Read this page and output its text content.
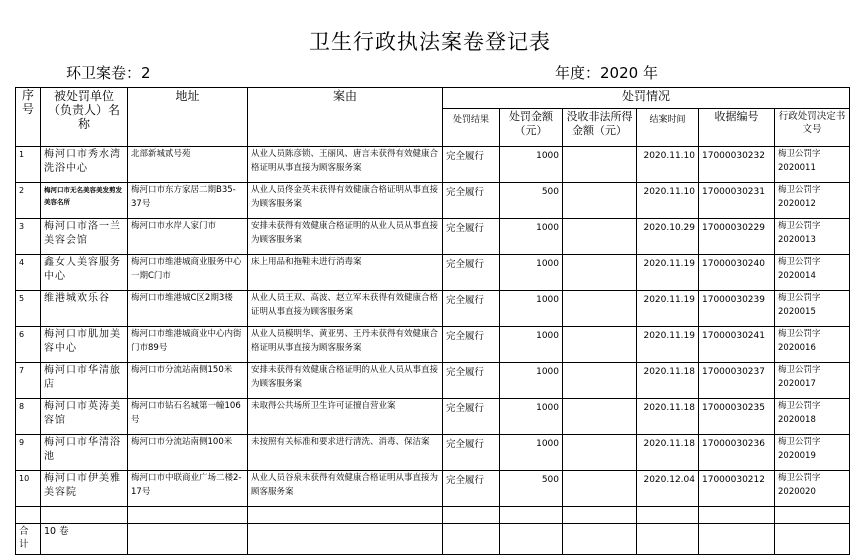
卫生行政执法案卷登记表
环卫案卷：2	年度：2020 年
序号	被处罚单位（负责人）名称	地址	案由	处罚情况					
				处罚结果	处罚金额（元）	没收非法所得金额（元）	结案时间	收据编号	行政处罚决定书文号
1	梅河口市秀水湾洗浴中心	北部新城贰号苑	从业人员陈彦锁、王丽风、唐言未获得有效健康合格证明从事直接为顾客服务案	完全履行	1000		2020.11.10	17000030232	梅卫公罚字2020011
2	梅河口市无名美容美发剪发美容名所	梅河口市东方家居二期B35-37号	从业人员佟金英未获得有效健康合格证明从事直接为顾客服务案	完全履行	500		2020.11.10	17000030231	梅卫公罚字2020012
3	梅河口市洛一兰美容会馆	梅河口市水岸人家门市	安排未获得有效健康合格证明的从业人员从事直接为顾客服务案	完全履行	1000		2020.10.29	17000030229	梅卫公罚字2020013
4	鑫女人美容服务中心	梅河口市维港城商业服务中心一期C门市	床上用品和拖鞋未进行消毒案	完全履行	1000		2020.11.19	17000030240	梅卫公罚字2020014
5	维港城欢乐谷	梅河口市维港城C区2期3楼	从业人员王双、高波、赵立军未获得有效健康合格证明从事直接为顾客服务案	完全履行	1000		2020.11.19	17000030239	梅卫公罚字2020015
6	梅河口市肌加美容中心	梅河口市维港城商业中心内街门市89号	从业人员模明华、黄亚男、王丹未获得有效健康合格证明从事直接为顾客服务案	完全履行	1000		2020.11.19	17000030241	梅卫公罚字2020016
7	梅河口市华清旅店	梅河口市分流站南侧150米	安排未获得有效健康合格证明的从业人员从事直接为顾客服务案	完全履行	1000		2020.11.18	17000030237	梅卫公罚字2020017
8	梅河口市英涛美容馆	梅河口市钻石名城第一幢106号	未取得公共场所卫生许可证擅自营业案	完全履行	1000		2020.11.18	17000030235	梅卫公罚字2020018
9	梅河口市华清浴池	梅河口市分流站南侧100米	未按照有关标准和要求进行清洗、消毒、保洁案	完全履行	1000		2020.11.18	17000030236	梅卫公罚字2020019
10	梅河口市伊美雅美容院	梅河口市中联商业广场二楼2-17号	从业人员谷泉未获得有效健康合格证明从事直接为顾客服务案	完全履行	500		2020.12.04	17000030212	梅卫公罚字2020020

合计	10 卷								
